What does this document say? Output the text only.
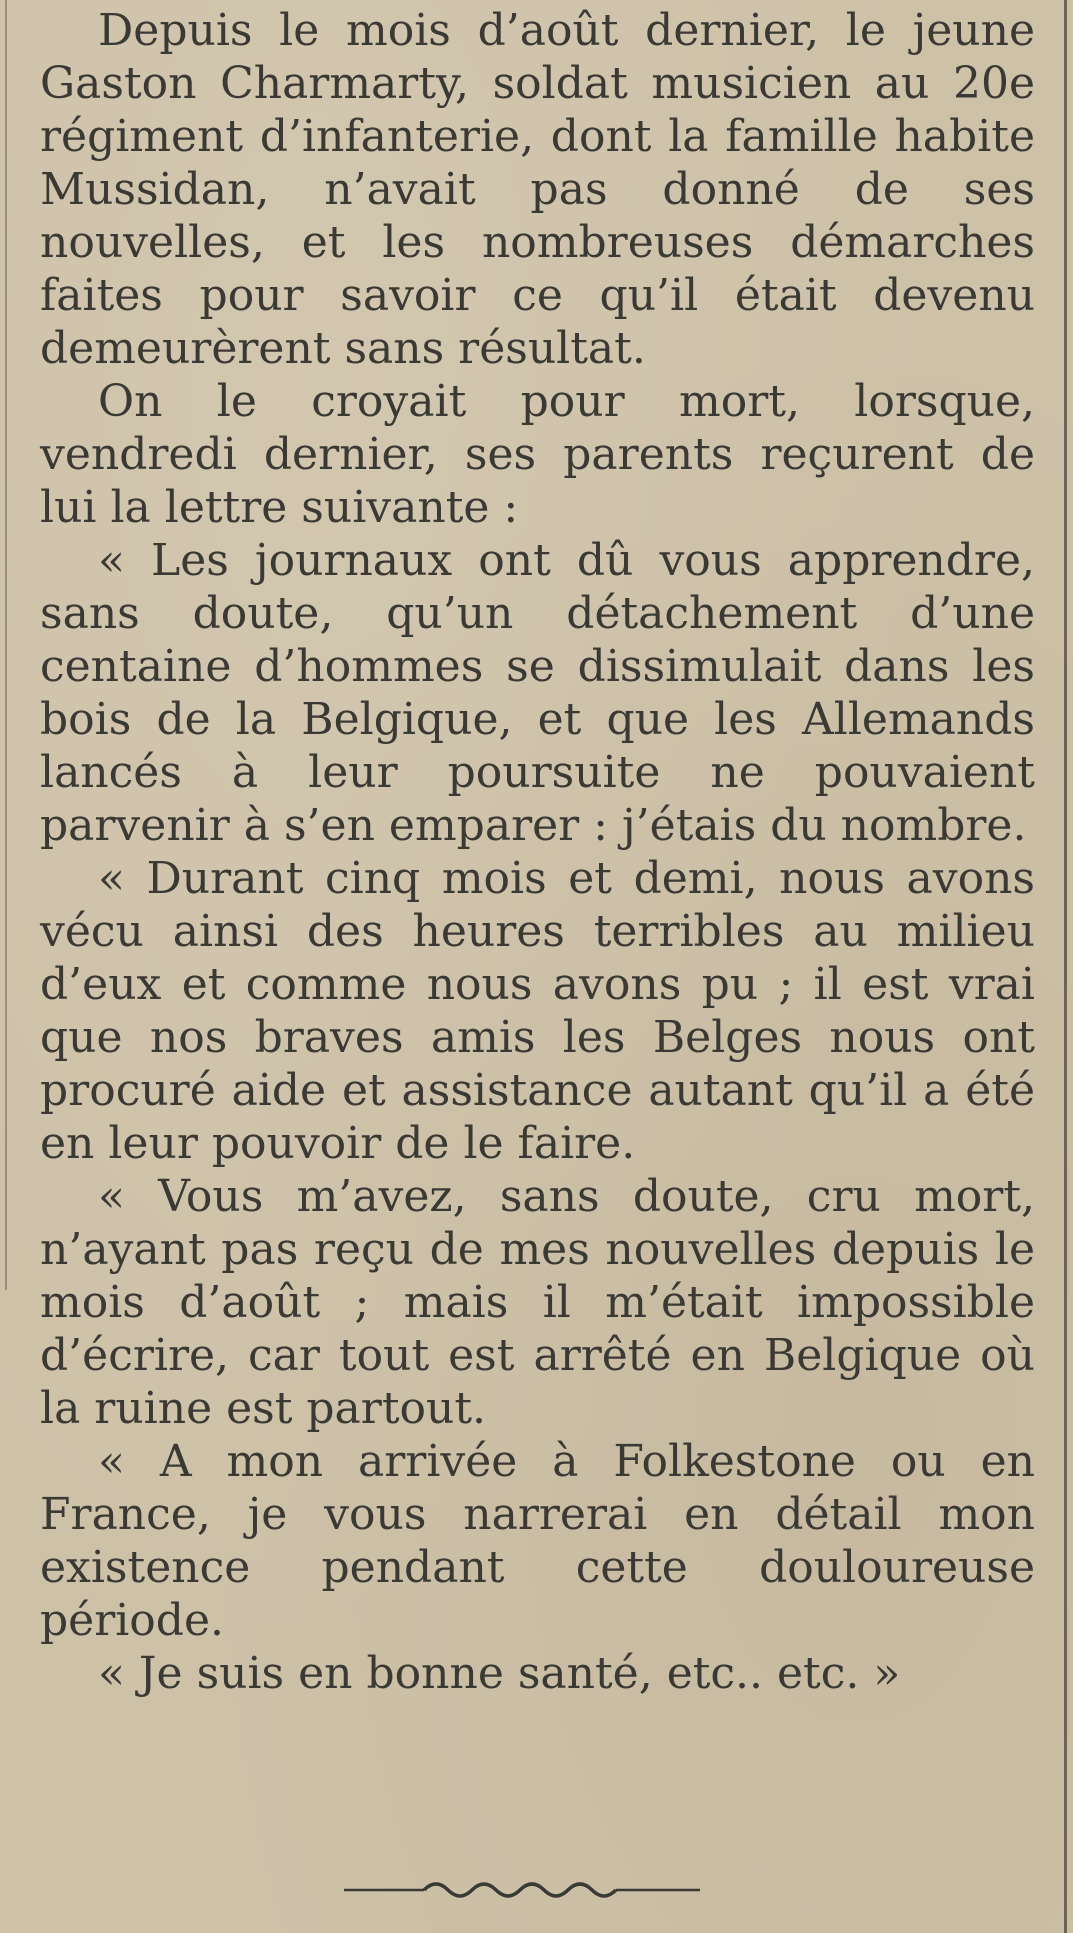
Depuis le mois d’août dernier, le jeune Gaston Charmarty, soldat musicien au 20e régiment d’infanterie, dont la famille habite Mussidan, n’avait pas donné de ses nouvelles, et les nombreuses démarches faites pour savoir ce qu’il était devenu demeurèrent sans résultat.

On le croyait pour mort, lorsque, vendredi dernier, ses parents reçurent de lui la lettre suivante :

« Les journaux ont dû vous apprendre, sans doute, qu’un détachement d’une centaine d’hommes se dissimulait dans les bois de la Belgique, et que les Allemands lancés à leur poursuite ne pouvaient parvenir à s’en emparer : j’étais du nombre.

« Durant cinq mois et demi, nous avons vécu ainsi des heures terribles au milieu d’eux et comme nous avons pu ; il est vrai que nos braves amis les Belges nous ont procuré aide et assistance autant qu’il a été en leur pouvoir de le faire.

« Vous m’avez, sans doute, cru mort, n’ayant pas reçu de mes nouvelles depuis le mois d’août ; mais il m’était impossible d’écrire, car tout est arrêté en Belgique où la ruine est partout.

« A mon arrivée à Folkestone ou en France, je vous narrerai en détail mon existence pendant cette douloureuse période.

« Je suis en bonne santé, etc.. etc. »
